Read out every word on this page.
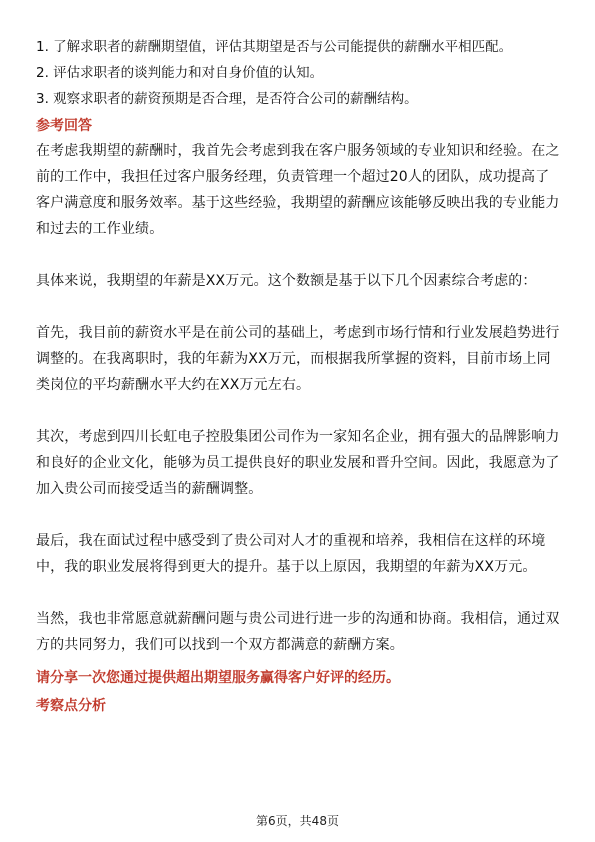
1. 了解求职者的薪酬期望值，评估其期望是否与公司能提供的薪酬水平相匹配。
2. 评估求职者的谈判能力和对自身价值的认知。
3. 观察求职者的薪资预期是否合理，是否符合公司的薪酬结构。
参考回答

在考虑我期望的薪酬时，我首先会考虑到我在客户服务领域的专业知识和经验。在之前的工作中，我担任过客户服务经理，负责管理一个超过20人的团队，成功提高了客户满意度和服务效率。基于这些经验，我期望的薪酬应该能够反映出我的专业能力和过去的工作业绩。

具体来说，我期望的年薪是XX万元。这个数额是基于以下几个因素综合考虑的：

首先，我目前的薪资水平是在前公司的基础上，考虑到市场行情和行业发展趋势进行调整的。在我离职时，我的年薪为XX万元，而根据我所掌握的资料，目前市场上同类岗位的平均薪酬水平大约在XX万元左右。

其次，考虑到四川长虹电子控股集团公司作为一家知名企业，拥有强大的品牌影响力和良好的企业文化，能够为员工提供良好的职业发展和晋升空间。因此，我愿意为了加入贵公司而接受适当的薪酬调整。

最后，我在面试过程中感受到了贵公司对人才的重视和培养，我相信在这样的环境中，我的职业发展将得到更大的提升。基于以上原因，我期望的年薪为XX万元。

当然，我也非常愿意就薪酬问题与贵公司进行进一步的沟通和协商。我相信，通过双方的共同努力，我们可以找到一个双方都满意的薪酬方案。

请分享一次您通过提供超出期望服务赢得客户好评的经历。
考察点分析
第6页，共48页
